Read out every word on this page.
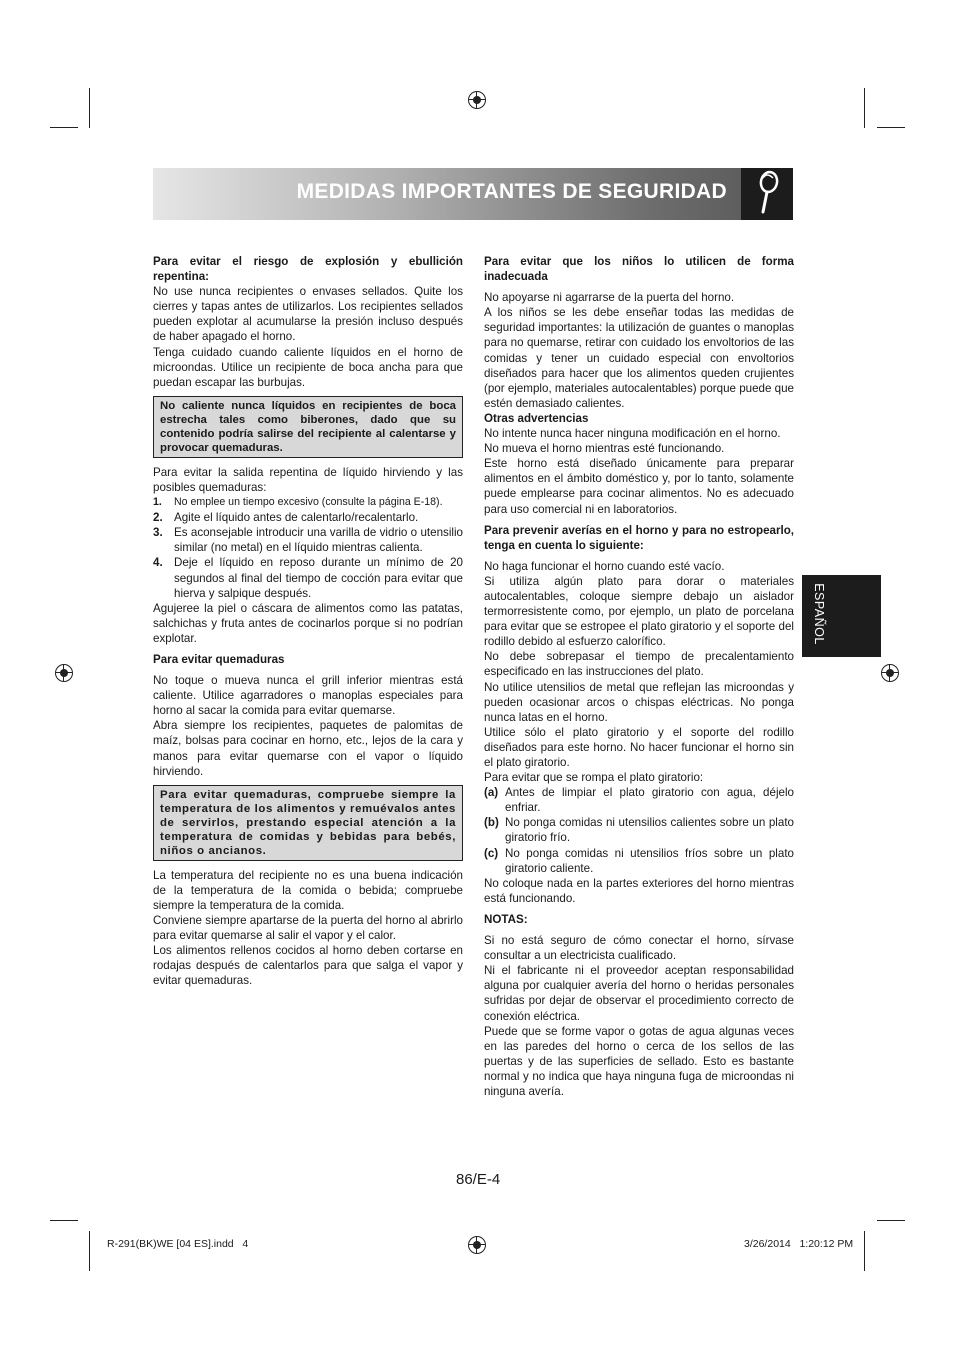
MEDIDAS IMPORTANTES DE SEGURIDAD

Para evitar el riesgo de explosión y ebullición repentina:

No use nunca recipientes o envases sellados. Quite los cierres y tapas antes de utilizarlos. Los recipientes sellados pueden explotar al acumularse la presión incluso después de haber apagado el horno.

Tenga cuidado cuando caliente líquidos en el horno de microondas. Utilice un recipiente de boca ancha para que puedan escapar las burbujas.

No caliente nunca líquidos en recipientes de boca estrecha tales como biberones, dado que su contenido podría salirse del recipiente al calentarse y provocar quemaduras.

Para evitar la salida repentina de líquido hirviendo y las posibles quemaduras:

1. No emplee un tiempo excesivo (consulte la página E-18).
2. Agite el líquido antes de calentarlo/recalentarlo.
3. Es aconsejable introducir una varilla de vidrio o utensilio similar (no metal) en el líquido mientras calienta.
4. Deje el líquido en reposo durante un mínimo de 20 segundos al final del tiempo de cocción para evitar que hierva y salpique después.

Agujeree la piel o cáscara de alimentos como las patatas, salchichas y fruta antes de cocinarlos porque si no podrían explotar.

Para evitar quemaduras

No toque o mueva nunca el grill inferior mientras está caliente. Utilice agarradores o manoplas especiales para horno al sacar la comida para evitar quemarse.

Abra siempre los recipientes, paquetes de palomitas de maíz, bolsas para cocinar en horno, etc., lejos de la cara y manos para evitar quemarse con el vapor o líquido hirviendo.

Para evitar quemaduras, compruebe siempre la temperatura de los alimentos y remuévalos antes de servirlos, prestando especial atención a la temperatura de comidas y bebidas para bebés, niños o ancianos.

La temperatura del recipiente no es una buena indicación de la temperatura de la comida o bebida; compruebe siempre la temperatura de la comida.

Conviene siempre apartarse de la puerta del horno al abrirlo para evitar quemarse al salir el vapor y el calor.

Los alimentos rellenos cocidos al horno deben cortarse en rodajas después de calentarlos para que salga el vapor y evitar quemaduras.

Para evitar que los niños lo utilicen de forma inadecuada

No apoyarse ni agarrarse de la puerta del horno.

A los niños se les debe enseñar todas las medidas de seguridad importantes: la utilización de guantes o manoplas para no quemarse, retirar con cuidado los envoltorios de las comidas y tener un cuidado especial con envoltorios diseñados para hacer que los alimentos queden crujientes (por ejemplo, materiales autocalentables) porque puede que estén demasiado calientes.

Otras advertencias

No intente nunca hacer ninguna modificación en el horno.

No mueva el horno mientras esté funcionando.

Este horno está diseñado únicamente para preparar alimentos en el ámbito doméstico y, por lo tanto, solamente puede emplearse para cocinar alimentos. No es adecuado para uso comercial ni en laboratorios.

Para prevenir averías en el horno y para no estropearlo, tenga en cuenta lo siguiente:

No haga funcionar el horno cuando esté vacío.

Si utiliza algún plato para dorar o materiales autocalentables, coloque siempre debajo un aislador termorresistente como, por ejemplo, un plato de porcelana para evitar que se estropee el plato giratorio y el soporte del rodillo debido al esfuerzo calorífico.

No debe sobrepasar el tiempo de precalentamiento especificado en las instrucciones del plato.

No utilice utensilios de metal que reflejan las microondas y pueden ocasionar arcos o chispas eléctricas. No ponga nunca latas en el horno.

Utilice sólo el plato giratorio y el soporte del rodillo diseñados para este horno. No hacer funcionar el horno sin el plato giratorio.

Para evitar que se rompa el plato giratorio:

(a) Antes de limpiar el plato giratorio con agua, déjelo enfriar.
(b) No ponga comidas ni utensilios calientes sobre un plato giratorio frío.
(c) No ponga comidas ni utensilios fríos sobre un plato giratorio caliente.

No coloque nada en la partes exteriores del horno mientras está funcionando.

NOTAS:

Si no está seguro de cómo conectar el horno, sírvase consultar a un electricista cualificado.

Ni el fabricante ni el proveedor aceptan responsabilidad alguna por cualquier avería del horno o heridas personales sufridas por dejar de observar el procedimiento correcto de conexión eléctrica.

Puede que se forme vapor o gotas de agua algunas veces en las paredes del horno o cerca de los sellos de las puertas y de las superficies de sellado. Esto es bastante normal y no indica que haya ninguna fuga de microondas ni ninguna avería.

ESPAÑOL
86/E-4
R-291(BK)WE [04 ES].indd   4	3/26/2014   1:20:12 PM
